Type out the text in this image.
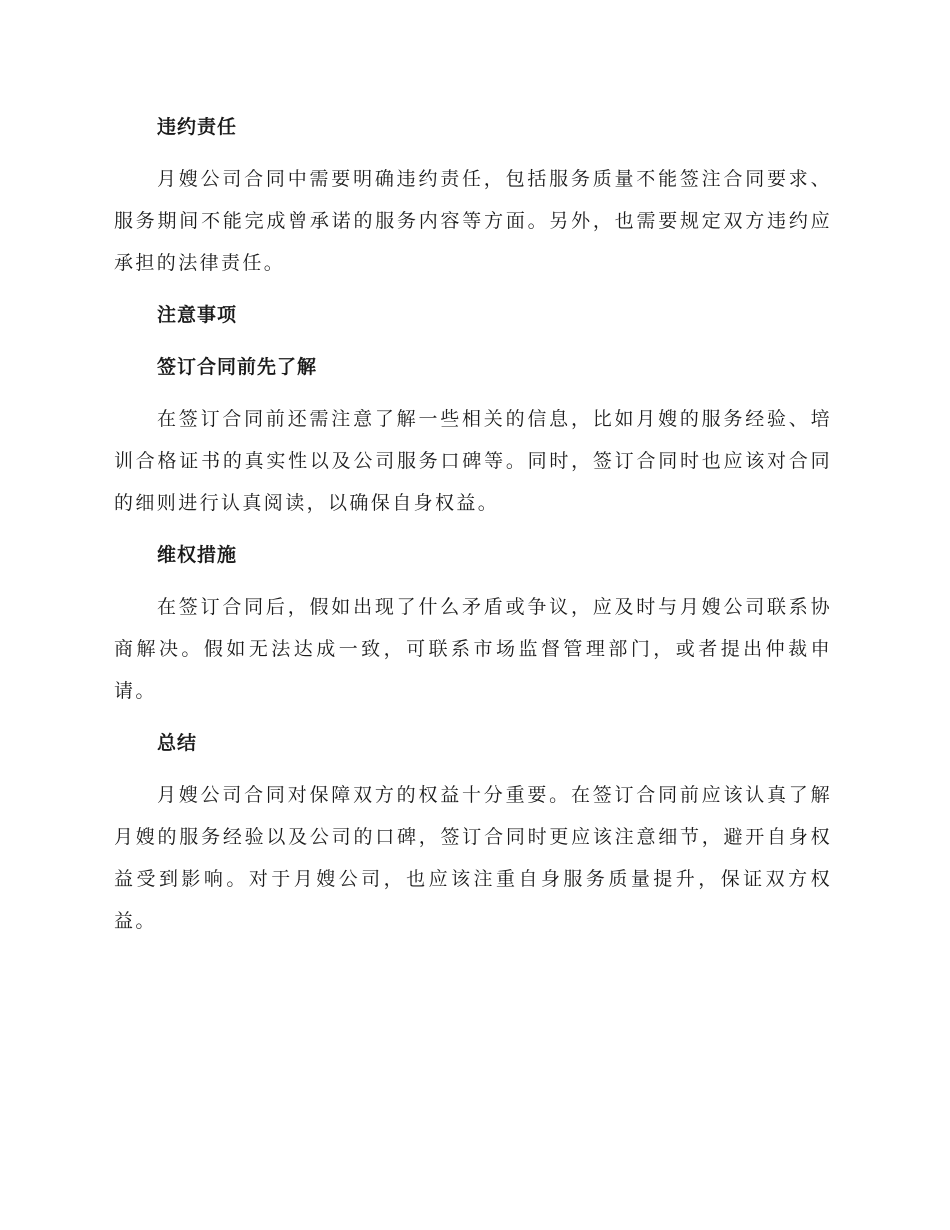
违约责任

月嫂公司合同中需要明确违约责任，包括服务质量不能签注合同要求、服务期间不能完成曾承诺的服务内容等方面。另外，也需要规定双方违约应承担的法律责任。

注意事项
签订合同前先了解

在签订合同前还需注意了解一些相关的信息，比如月嫂的服务经验、培训合格证书的真实性以及公司服务口碑等。同时，签订合同时也应该对合同的细则进行认真阅读，以确保自身权益。

维权措施

在签订合同后，假如出现了什么矛盾或争议，应及时与月嫂公司联系协商解决。假如无法达成一致，可联系市场监督管理部门，或者提出仲裁申请。

总结

月嫂公司合同对保障双方的权益十分重要。在签订合同前应该认真了解月嫂的服务经验以及公司的口碑，签订合同时更应该注意细节，避开自身权益受到影响。对于月嫂公司，也应该注重自身服务质量提升，保证双方权益。
